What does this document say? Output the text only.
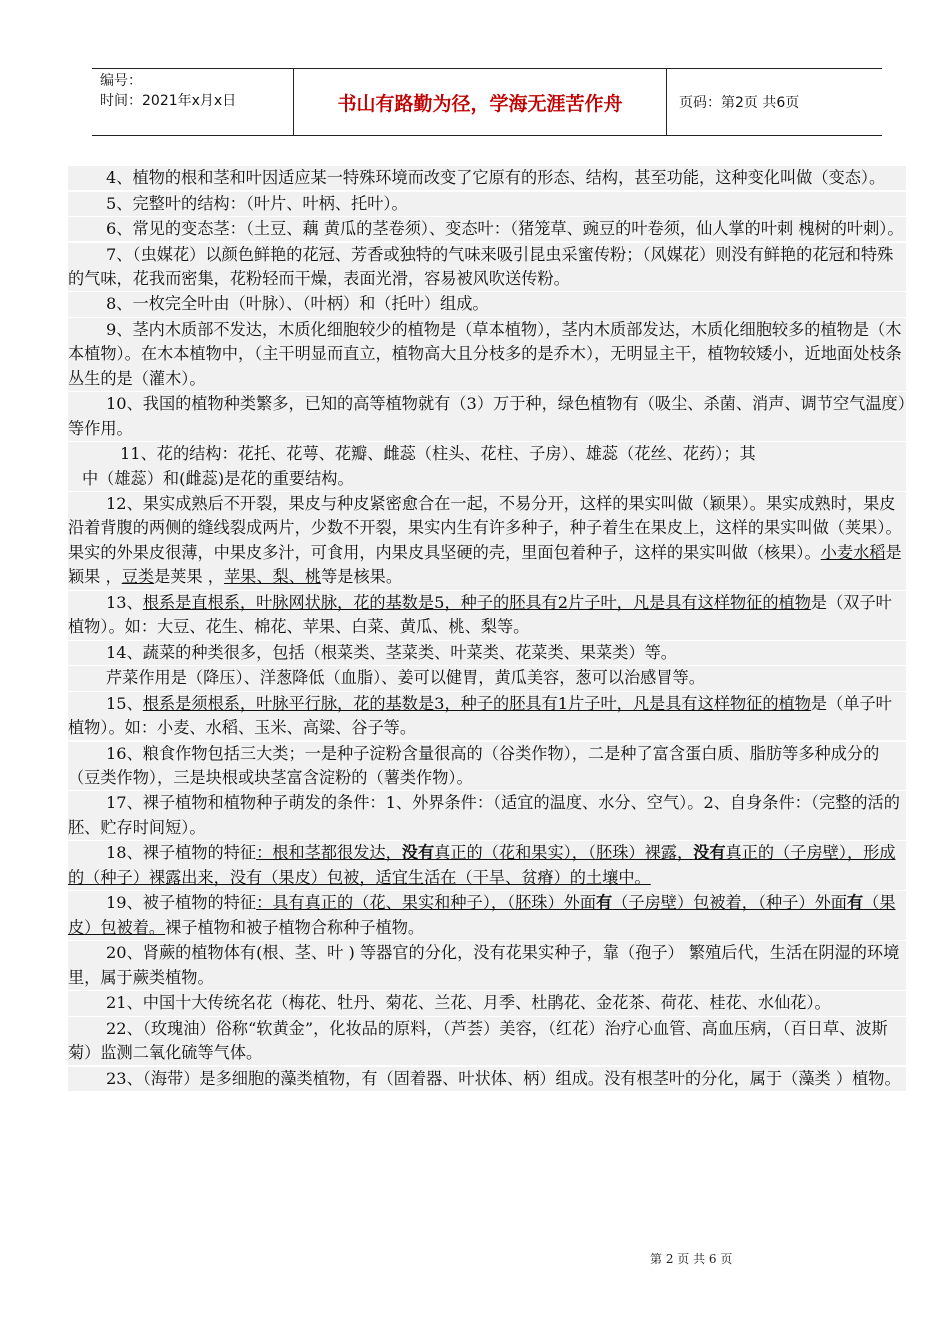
编号：
时间：2021年x月x日	书山有路勤为径，学海无涯苦作舟	页码：第2页 共6页
4、植物的根和茎和叶因适应某一特殊环境而改变了它原有的形态、结构，甚至功能，这种变化叫做（变态）。
5、完整叶的结构：（叶片、叶柄、托叶）。
6、常见的变态茎：（土豆、藕 黄瓜的茎卷须）、变态叶：（猪笼草、豌豆的叶卷须，仙人掌的叶刺 槐树的叶刺）。
7、（虫媒花）以颜色鲜艳的花冠、芳香或独特的气味来吸引昆虫采蜜传粉；（风媒花）则没有鲜艳的花冠和特殊的气味，花我而密集，花粉轻而干燥，表面光滑，容易被风吹送传粉。
8、一枚完全叶由（叶脉）、（叶柄）和（托叶）组成。
9、茎内木质部不发达，木质化细胞较少的植物是（草本植物），茎内木质部发达，木质化细胞较多的植物是（木本植物）。在木本植物中，（主干明显而直立，植物高大且分枝多的是乔木），无明显主干，植物较矮小，近地面处枝条丛生的是（灌木）。
10、我国的植物种类繁多，已知的高等植物就有（3）万于种，绿色植物有（吸尘、杀菌、消声、调节空气温度）等作用。
11、花的结构：花托、花萼、花瓣、雌蕊（柱头、花柱、子房）、雄蕊（花丝、花药）；其
中（雄蕊）和(雌蕊)是花的重要结构。
12、果实成熟后不开裂，果皮与种皮紧密愈合在一起，不易分开，这样的果实叫做（颖果）。果实成熟时，果皮沿着背腹的两侧的缝线裂成两片，少数不开裂，果实内生有许多种子，种子着生在果皮上，这样的果实叫做（荚果）。果实的外果皮很薄，中果皮多汁，可食用，内果皮具坚硬的壳，里面包着种子，这样的果实叫做（核果）。小麦水稻是颖果 ，豆类是荚果 ，苹果、梨、桃等是核果。
13、根系是直根系，叶脉网状脉，花的基数是5，种子的胚具有2片子叶，凡是具有这样物征的植物是（双子叶植物）。如：大豆、花生、棉花、苹果、白菜、黄瓜、桃、梨等。
14、蔬菜的种类很多，包括（根菜类、茎菜类、叶菜类、花菜类、果菜类）等。
芹菜作用是（降压）、洋葱降低（血脂）、姜可以健胃，黄瓜美容，葱可以治感冒等。
15、根系是须根系，叶脉平行脉，花的基数是3，种子的胚具有1片子叶，凡是具有这样物征的植物是（单子叶植物）。如：小麦、水稻、玉米、高粱、谷子等。
16、粮食作物包括三大类；一是种子淀粉含量很高的（谷类作物），二是种了富含蛋白质、脂肪等多种成分的（豆类作物），三是块根或块茎富含淀粉的（薯类作物）。
17、裸子植物和植物种子萌发的条件：1、外界条件：（适宜的温度、水分、空气）。2、自身条件：（完整的活的胚、贮存时间短）。
18、裸子植物的特征：根和茎都很发达，没有真正的（花和果实），（胚珠）裸露，没有真正的（子房壁），形成的（种子）裸露出来，没有（果皮）包被，适宜生活在（干旱、贫瘠）的土壤中。
19、被子植物的特征：具有真正的（花、果实和种子），（胚珠）外面有（子房壁）包被着，（种子）外面有（果皮）包被着。裸子植物和被子植物合称种子植物。
20、肾蕨的植物体有(根、茎、叶 ) 等器官的分化，没有花果实种子，靠（孢子） 繁殖后代，生活在阴湿的环境里，属于蕨类植物。
21、中国十大传统名花（梅花、牡丹、菊花、兰花、月季、杜鹃花、金花茶、荷花、桂花、水仙花）。
22、（玫瑰油）俗称“软黄金”，化妆品的原料，（芦荟）美容，（红花）治疗心血管、高血压病，（百日草、波斯菊）监测二氧化硫等气体。
23、（海带）是多细胞的藻类植物，有（固着器、叶状体、柄）组成。没有根茎叶的分化，属于（藻类 ）植物。
第 2 页 共 6 页
